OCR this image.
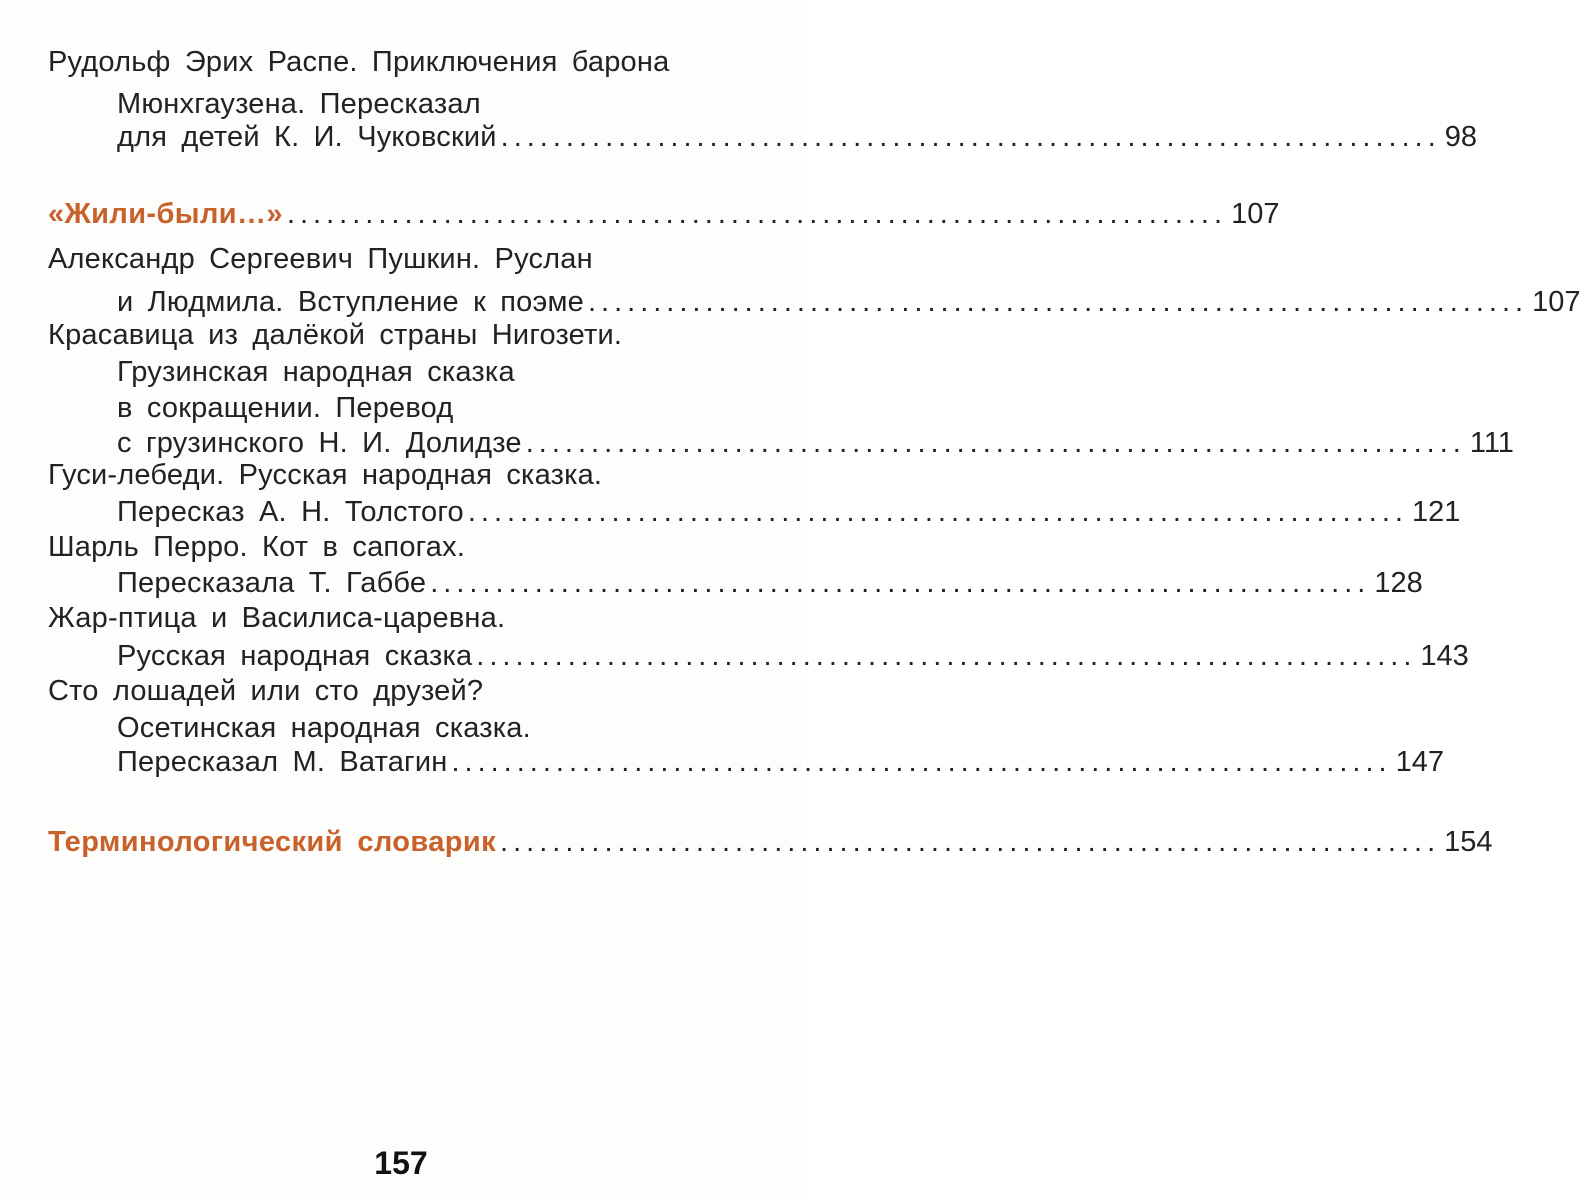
Рудольф Эрих Распе. Приключения барона
Мюнхгаузена. Пересказал
для детей К. И. Чуковский ........................................................................ 98
«Жили-были…» ........................................................................ 107
Александр Сергеевич Пушкин. Руслан
и Людмила. Вступление к поэме ........................................................................ 107
Красавица из далёкой страны Нигозети.
Грузинская народная сказка
в сокращении. Перевод
с грузинского Н. И. Долидзе ........................................................................ 111
Гуси-лебеди. Русская народная сказка.
Пересказ А. Н. Толстого ........................................................................ 121
Шарль Перро. Кот в сапогах.
Пересказала Т. Габбе ........................................................................ 128
Жар-птица и Василиса-царевна.
Русская народная сказка ........................................................................ 143
Сто лошадей или сто друзей?
Осетинская народная сказка.
Пересказал М. Ватагин ........................................................................ 147
Терминологический словарик ........................................................................ 154
157
